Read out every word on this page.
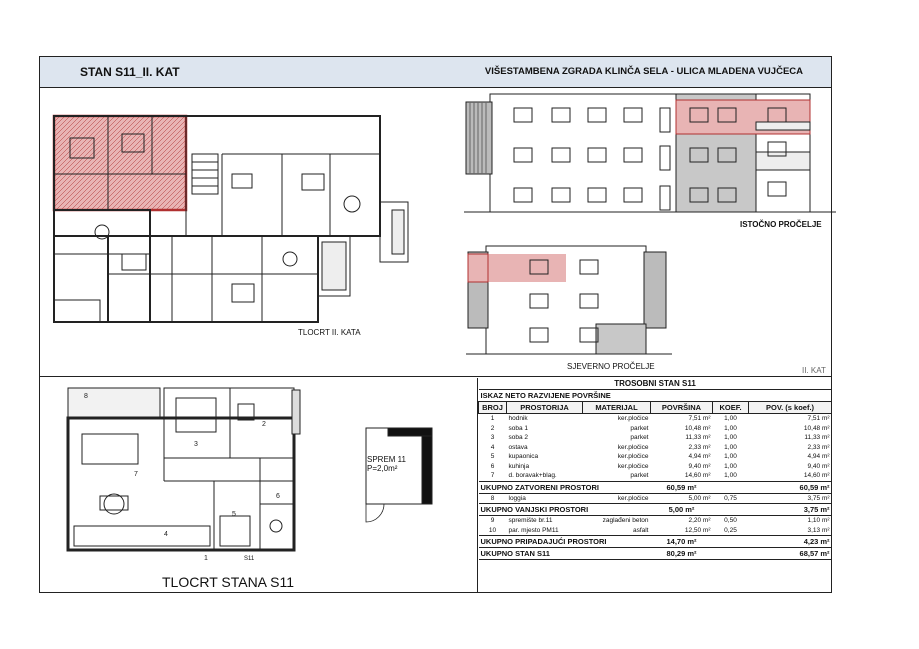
STAN S11_II. KAT	VIŠESTAMBENA ZGRADA KLINČA SELA - ULICA MLADENA VUJČECA
TLOCRT II. KATA
ISTOČNO PROČELJE
SJEVERNO PROČELJE	II. KAT
1
2
3
4
5
6
7
8
SPREM 11
P=2,0m²
S11
TLOCRT STANA S11
TROSOBNI STAN S11					
ISKAZ NETO RAZVIJENE POVRŠINE					
BROJ	PROSTORIJA	MATERIJAL	POVRŠINA	KOEF.	POV. (s koef.)
1	hodnik	ker.pločice	7,51 m²	1,00	7,51 m²
2	soba 1	parket	10,48 m²	1,00	10,48 m²
3	soba 2	parket	11,33 m²	1,00	11,33 m²
4	ostava	ker.pločice	2,33 m²	1,00	2,33 m²
5	kupaonica	ker.pločice	4,94 m²	1,00	4,94 m²
6	kuhinja	ker.pločice	9,40 m²	1,00	9,40 m²
7	d. boravak+blag.	parket	14,60 m²	1,00	14,60 m²
UKUPNO ZATVORENI PROSTORI			60,59 m²		60,59 m²
8	loggia	ker.pločice	5,00 m²	0,75	3,75 m²
UKUPNO VANJSKI PROSTORI			5,00 m²		3,75 m²
9	spremište br.11	zaglađeni beton	2,20 m²	0,50	1,10 m²
10	par. mjesto PM11	asfalt	12,50 m²	0,25	3,13 m²
UKUPNO PRIPADAJUĆI PROSTORI			14,70 m²		4,23 m²
UKUPNO STAN S11			80,29 m²		68,57 m²
